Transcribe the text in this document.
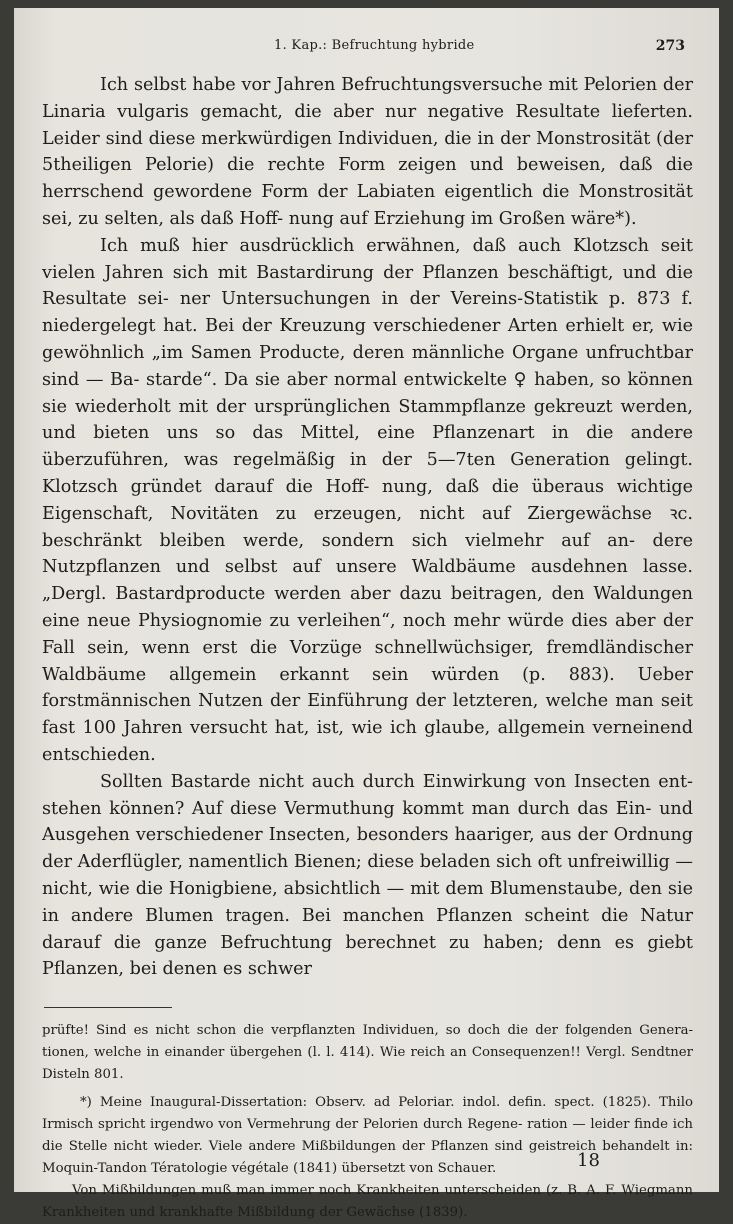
1. Kap.: Befruchtung hybride	273

Ich selbst habe vor Jahren Befruchtungsversuche mit Pelorien der Linaria vulgaris gemacht, die aber nur negative Resultate lieferten. Leider sind diese merkwürdigen Individuen, die in der Monstrosität (der 5theiligen Pelorie) die rechte Form zeigen und beweisen, daß die herrschend gewordene Form der Labiaten eigentlich die Monstrosität sei, zu selten, als daß Hoff- nung auf Erziehung im Großen wäre*).

Ich muß hier ausdrücklich erwähnen, daß auch Klotzsch seit vielen Jahren sich mit Bastardirung der Pflanzen beschäftigt, und die Resultate sei- ner Untersuchungen in der Vereins-Statistik p. 873 f. niedergelegt hat. Bei der Kreuzung verschiedener Arten erhielt er, wie gewöhnlich „im Samen Producte, deren männliche Organe unfruchtbar sind — Ba- starde“. Da sie aber normal entwickelte ♀ haben, so können sie wiederholt mit der ursprünglichen Stammpflanze gekreuzt werden, und bieten uns so das Mittel, eine Pflanzenart in die andere überzuführen, was regelmäßig in der 5—7ten Generation gelingt. Klotzsch gründet darauf die Hoff- nung, daß die überaus wichtige Eigenschaft, Novitäten zu erzeugen, nicht auf Ziergewächse ꝛc. beschränkt bleiben werde, sondern sich vielmehr auf an- dere Nutzpflanzen und selbst auf unsere Waldbäume ausdehnen lasse. „Dergl. Bastardproducte werden aber dazu beitragen, den Waldungen eine neue Physiognomie zu verleihen“, noch mehr würde dies aber der Fall sein, wenn erst die Vorzüge schnellwüchsiger, fremdländischer Waldbäume allgemein erkannt sein würden (p. 883). Ueber forstmännischen Nutzen der Einführung der letzteren, welche man seit fast 100 Jahren versucht hat, ist, wie ich glaube, allgemein verneinend entschieden.

Sollten Bastarde nicht auch durch Einwirkung von Insecten ent- stehen können? Auf diese Vermuthung kommt man durch das Ein- und Ausgehen verschiedener Insecten, besonders haariger, aus der Ordnung der Aderflügler, namentlich Bienen; diese beladen sich oft unfreiwillig — nicht, wie die Honigbiene, absichtlich — mit dem Blumenstaube, den sie in andere Blumen tragen. Bei manchen Pflanzen scheint die Natur darauf die ganze Befruchtung berechnet zu haben; denn es giebt Pflanzen, bei denen es schwer

prüfte! Sind es nicht schon die verpflanzten Individuen, so doch die der folgenden Genera- tionen, welche in einander übergehen (l. l. 414). Wie reich an Consequenzen!! Vergl. Sendtner Disteln 801.

*) Meine Inaugural-Dissertation: Observ. ad Peloriar. indol. defin. spect. (1825). Thilo Irmisch spricht irgendwo von Vermehrung der Pelorien durch Regene- ration — leider finde ich die Stelle nicht wieder. Viele andere Mißbildungen der Pflanzen sind geistreich behandelt in: Moquin-Tandon Tératologie végétale (1841) übersetzt von Schauer.

Von Mißbildungen muß man immer noch Krankheiten unterscheiden (z. B. A. F. Wiegmann Krankheiten und krankhafte Mißbildung der Gewächse (1839).

18
